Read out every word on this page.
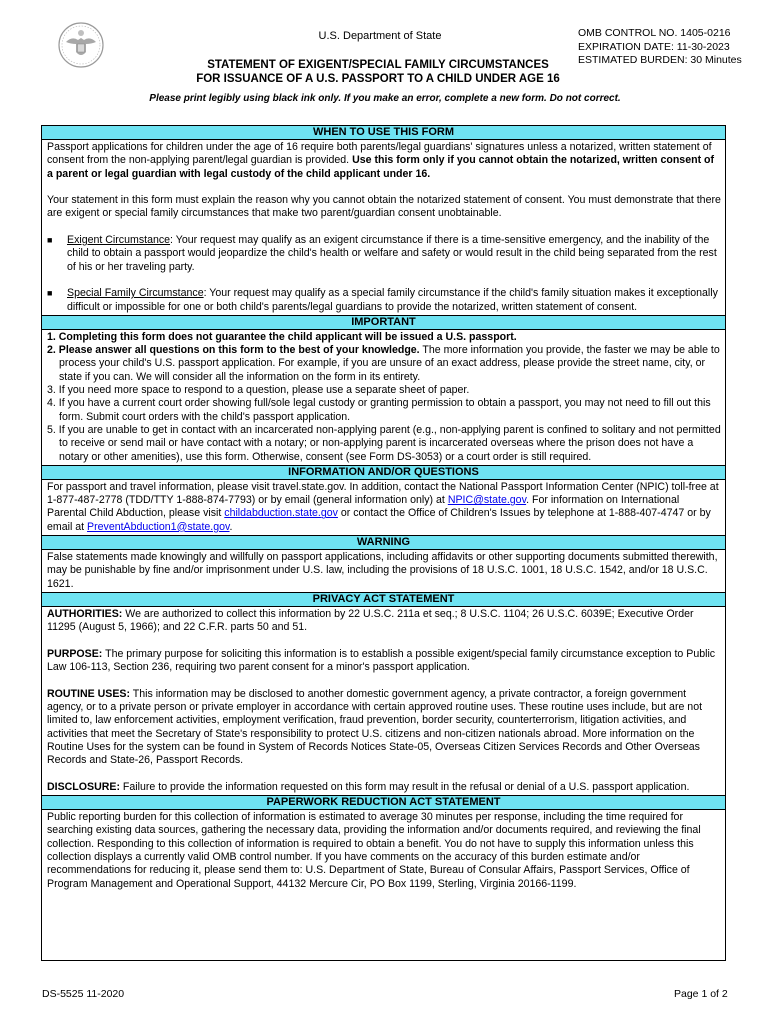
U.S. Department of State	OMB CONTROL NO. 1405-0216
EXPIRATION DATE: 11-30-2023
ESTIMATED BURDEN: 30 Minutes
STATEMENT OF EXIGENT/SPECIAL FAMILY CIRCUMSTANCES
FOR ISSUANCE OF A U.S. PASSPORT TO A CHILD UNDER AGE 16
Please print legibly using black ink only. If you make an error, complete a new form. Do not correct.
WHEN TO USE THIS FORM

Passport applications for children under the age of 16 require both parents/legal guardians' signatures unless a notarized, written statement of consent from the non-applying parent/legal guardian is provided. Use this form only if you cannot obtain the notarized, written consent of a parent or legal guardian with legal custody of the child applicant under 16.

Your statement in this form must explain the reason why you cannot obtain the notarized statement of consent. You must demonstrate that there are exigent or special family circumstances that make two parent/guardian consent unobtainable.

■	Exigent Circumstance: Your request may qualify as an exigent circumstance if there is a time-sensitive emergency, and the inability of the child to obtain a passport would jeopardize the child's health or welfare and safety or would result in the child being separated from the rest of his or her traveling party.
■	Special Family Circumstance: Your request may qualify as a special family circumstance if the child's family situation makes it exceptionally difficult or impossible for one or both child's parents/legal guardians to provide the notarized, written statement of consent.
IMPORTANT

1. Completing this form does not guarantee the child applicant will be issued a U.S. passport.

2. Please answer all questions on this form to the best of your knowledge. The more information you provide, the faster we may be able to process your child's U.S. passport application. For example, if you are unsure of an exact address, please provide the street name, city, or state if you can. We will consider all the information on the form in its entirety.

3. If you need more space to respond to a question, please use a separate sheet of paper.

4. If you have a current court order showing full/sole legal custody or granting permission to obtain a passport, you may not need to fill out this form. Submit court orders with the child's passport application.

5. If you are unable to get in contact with an incarcerated non-applying parent (e.g., non-applying parent is confined to solitary and not permitted to receive or send mail or have contact with a notary; or non-applying parent is incarcerated overseas where the prison does not have a notary or other amenities), use this form. Otherwise, consent (see Form DS-3053) or a court order is still required.

INFORMATION AND/OR QUESTIONS

For passport and travel information, please visit travel.state.gov. In addition, contact the National Passport Information Center (NPIC) toll-free at 1-877-487-2778 (TDD/TTY 1-888-874-7793) or by email (general information only) at NPIC@state.gov. For information on International Parental Child Abduction, please visit childabduction.state.gov or contact the Office of Children's Issues by telephone at 1-888-407-4747 or by email at PreventAbduction1@state.gov.

WARNING

False statements made knowingly and willfully on passport applications, including affidavits or other supporting documents submitted therewith, may be punishable by fine and/or imprisonment under U.S. law, including the provisions of 18 U.S.C. 1001, 18 U.S.C. 1542, and/or 18 U.S.C. 1621.

PRIVACY ACT STATEMENT

AUTHORITIES: We are authorized to collect this information by 22 U.S.C. 211a et seq.; 8 U.S.C. 1104; 26 U.S.C. 6039E; Executive Order 11295 (August 5, 1966); and 22 C.F.R. parts 50 and 51.

PURPOSE: The primary purpose for soliciting this information is to establish a possible exigent/special family circumstance exception to Public Law 106-113, Section 236, requiring two parent consent for a minor's passport application.

ROUTINE USES: This information may be disclosed to another domestic government agency, a private contractor, a foreign government agency, or to a private person or private employer in accordance with certain approved routine uses. These routine uses include, but are not limited to, law enforcement activities, employment verification, fraud prevention, border security, counterterrorism, litigation activities, and activities that meet the Secretary of State's responsibility to protect U.S. citizens and non-citizen nationals abroad. More information on the Routine Uses for the system can be found in System of Records Notices State-05, Overseas Citizen Services Records and Other Overseas Records and State-26, Passport Records.

DISCLOSURE: Failure to provide the information requested on this form may result in the refusal or denial of a U.S. passport application.

PAPERWORK REDUCTION ACT STATEMENT

Public reporting burden for this collection of information is estimated to average 30 minutes per response, including the time required for searching existing data sources, gathering the necessary data, providing the information and/or documents required, and reviewing the final collection. Responding to this collection of information is required to obtain a benefit. You do not have to supply this information unless this collection displays a currently valid OMB control number. If you have comments on the accuracy of this burden estimate and/or recommendations for reducing it, please send them to: U.S. Department of State, Bureau of Consular Affairs, Passport Services, Office of Program Management and Operational Support, 44132 Mercure Cir, PO Box 1199, Sterling, Virginia 20166-1199.

DS-5525 11-2020	Page 1 of 2
